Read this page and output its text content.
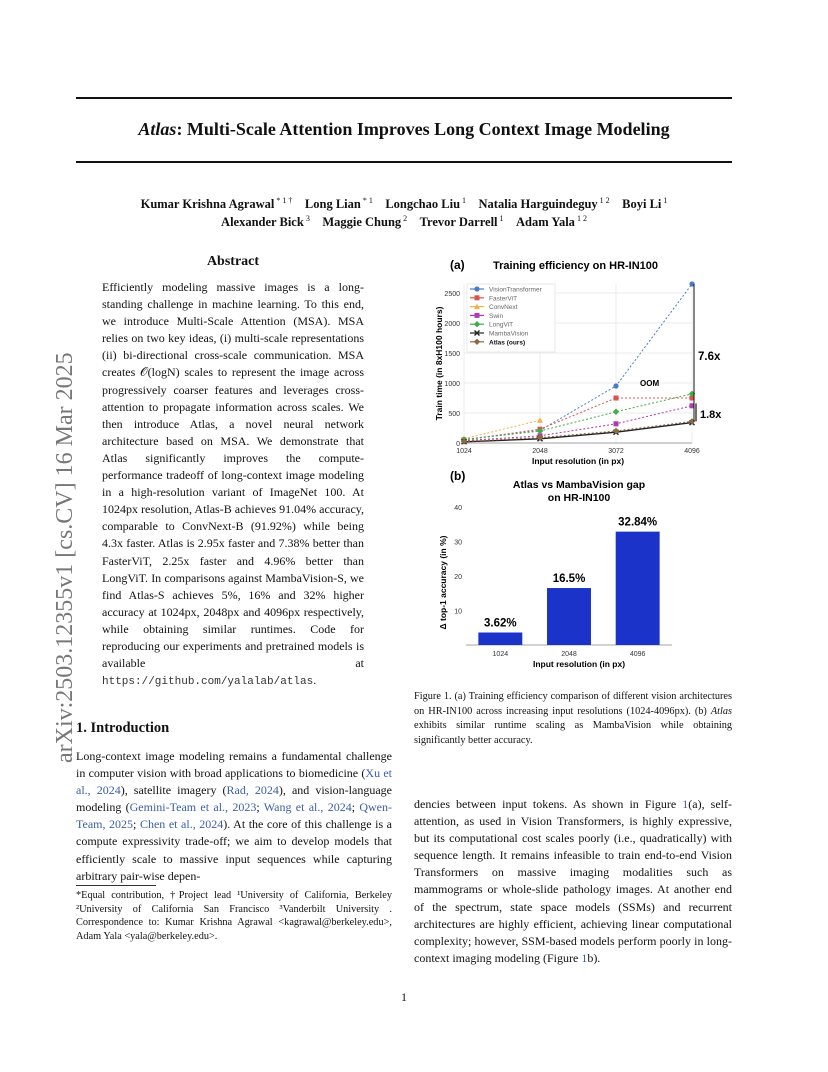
arXiv:2503.12355v1 [cs.CV] 16 Mar 2025
Atlas: Multi-Scale Attention Improves Long Context Image Modeling
Kumar Krishna Agrawal $^{* 1 \dagger}$  Long Lian $^{* 1}$  Longchao Liu $^1$  Natalia Harguindeguy $^{1 2}$  Boyi Li $^1$
Alexander Bick $^3$  Maggie Chung $^2$  Trevor Darrell $^1$  Adam Yala $^{1 2}$
Abstract
Efficiently modeling massive images is a long-standing challenge in machine learning. To this end, we introduce Multi-Scale Attention (MSA). MSA relies on two key ideas, (i) multi-scale representations (ii) bi-directional cross-scale communication. MSA creates 𝒪(logN) scales to represent the image across progressively coarser features and leverages cross-attention to propagate information across scales. We then introduce Atlas, a novel neural network architecture based on MSA. We demonstrate that Atlas significantly improves the compute-performance tradeoff of long-context image modeling in a high-resolution variant of ImageNet 100. At 1024px resolution, Atlas-B achieves 91.04% accuracy, comparable to ConvNext-B (91.92%) while being 4.3x faster. Atlas is 2.95x faster and 7.38% better than FasterViT, 2.25x faster and 4.96% better than LongViT. In comparisons against MambaVision-S, we find Atlas-S achieves 5%, 16% and 32% higher accuracy at 1024px, 2048px and 4096px respectively, while obtaining similar runtimes. Code for reproducing our experiments and pretrained models is available at https://github.com/yalalab/atlas.
1. Introduction
Long-context image modeling remains a fundamental challenge in computer vision with broad applications to biomedicine (Xu et al., 2024), satellite imagery (Rad, 2024), and vision-language modeling (Gemini-Team et al., 2023; Wang et al., 2024; Qwen-Team, 2025; Chen et al., 2024). At the core of this challenge is a compute expressivity trade-off; we aim to develop models that efficiently scale to massive input sequences while capturing arbitrary pair-wise depen-
*Equal contribution, †Project lead ¹University of California, Berkeley ²University of California San Francisco ³Vanderbilt University . Correspondence to: Kumar Krishna Agrawal <kagrawal@berkeley.edu>, Adam Yala <yala@berkeley.edu>.
(a)	Training efficiency on HR-IN100
0
500
1000
1500
2000
2500
1024	2048	3072	4096
Input resolution (in px)
Train time (in 8xH100 hours)
VisionTransformer
FasterViT
ConvNext
Swin
LongViT
MambaVision
Atlas (ours)
7.6x
1.8x
OOM
(b)
Atlas vs MambaVision gap
on HR-IN100
10
20
30
40
3.62%
1024
16.5%
2048
32.84%
4096
Input resolution (in px)
Δ top-1 accuracy (in %)
Figure 1. (a) Training efficiency comparison of different vision architectures on HR-IN100 across increasing input resolutions (1024-4096px). (b) Atlas exhibits similar runtime scaling as MambaVision while obtaining significantly better accuracy.
dencies between input tokens. As shown in Figure 1(a), self-attention, as used in Vision Transformers, is highly expressive, but its computational cost scales poorly (i.e., quadratically) with sequence length. It remains infeasible to train end-to-end Vision Transformers on massive imaging modalities such as mammograms or whole-slide pathology images. At another end of the spectrum, state space models (SSMs) and recurrent architectures are highly efficient, achieving linear computational complexity; however, SSM-based models perform poorly in long-context imaging modeling (Figure 1b).
1
